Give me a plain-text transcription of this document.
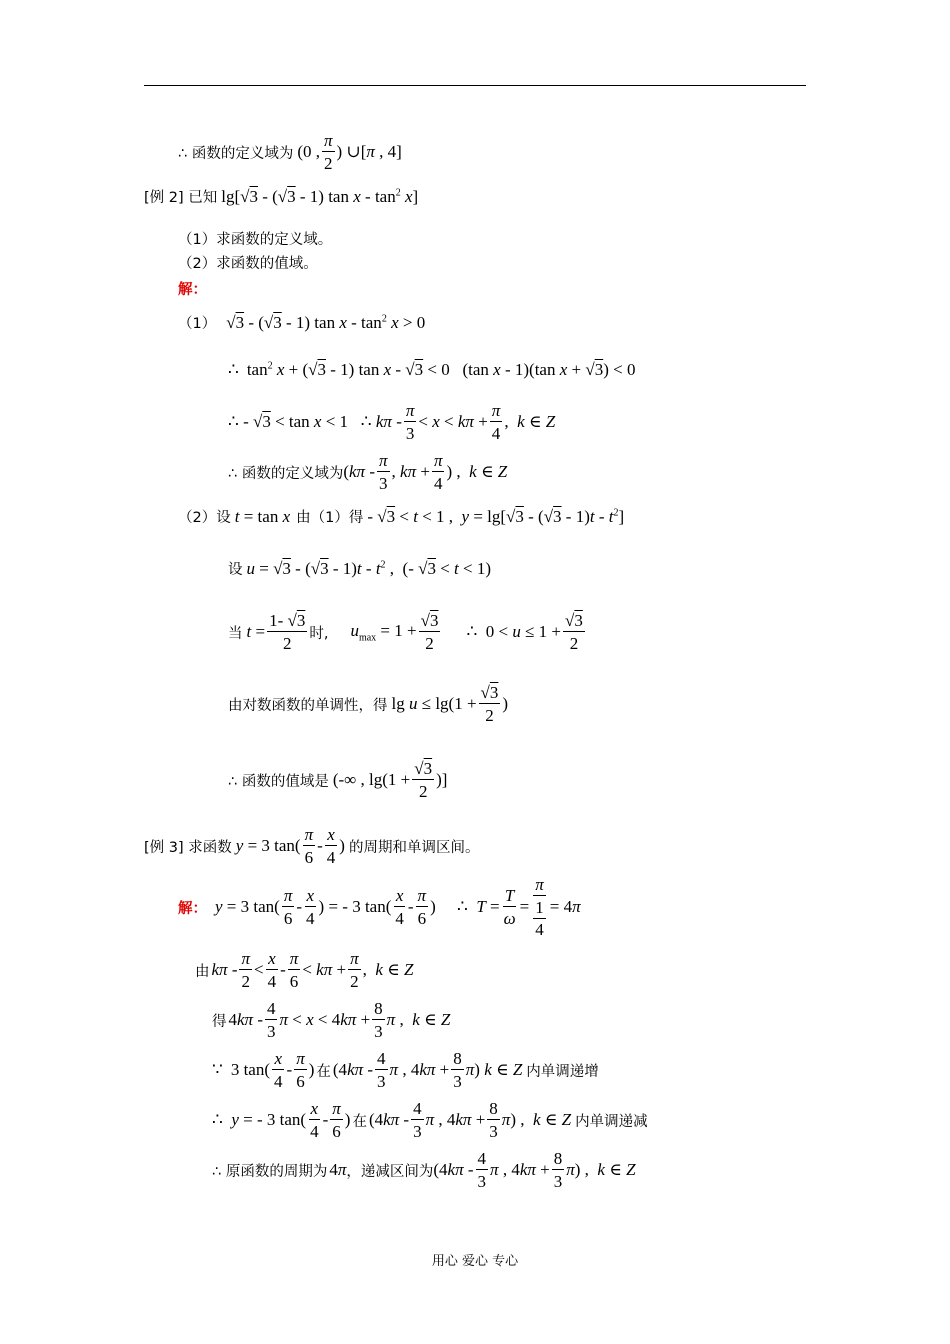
∴ 函数的定义域为 (0 , $\frac{\pi}{2}$ ) ∪[π , 4]
[例 2] 已知 lg[√3 - (√3 - 1) tan x - $\tan^2 x$]
（1）求函数的定义域。
（2）求函数的值域。
解：
（1） √3 - (√3 - 1) $\tan x - \tan^2 x > 0$
∴ $\tan^2 x + (√3 - 1)$ tan x - √3 < 0   (tan x - 1)(tan x + √3) < 0
∴ - √3 < tan x < 1   ∴ $k\pi - \frac{\pi}{3} < x < k\pi + \frac{\pi}{4}$ ,  k ∈ Z
∴ 函数的定义域为 ($k\pi - \frac{\pi}{3}$ , $k\pi + \frac{\pi}{4}$ ) ,  k ∈ Z
（2）设 t = tan x 由（1）得 - √3 < t < 1 ,  $y = \lg[√3 - (√3 - 1)t - t^2]$
设 $u = √3 - (√3 - 1)t - t^2$ ,  (- √3 < t < 1)
当 $t = \frac{1- √3}{2}$ 时, $u_{max} = 1 + \frac{√3}{2}$ ∴  $0 < u \le 1 + \frac{√3}{2}$
由对数函数的单调性，得 $\lg u \le \lg(1 + \frac{√3}{2}$ )
∴ 函数的值域是 (-∞ , $\lg(1 + \frac{√3}{2}$ )]
[例 3] 求函数 y = 3 $\tan( \frac{\pi}{6} - \frac{x}{4}$ ) 的周期和单调区间。
解： y = 3 $\tan( \frac{\pi}{6} - \frac{x}{4}$ ) = - 3 $\tan( \frac{x}{4} - \frac{\pi}{6}$ )     ∴  $T = \frac{T}{\omega} = \pi$
1
4 = 4π
由 $k\pi - \frac{\pi}{2} < \frac{x}{4} - \frac{\pi}{6} < k\pi + \frac{\pi}{2}$ ,  k ∈ Z
得 $4k\pi - \frac{4}{3}$ $\pi < x < 4k\pi + \frac{8}{3}$ π ,  k ∈ Z
∵ 3 $\tan( \frac{x}{4} - \frac{\pi}{6}$ ) 在 ($4k\pi - \frac{4}{3}$ π , $4k\pi + \frac{8}{3} \pi$) k ∈ Z 内单调递增
∴  y = - 3 $\tan( \frac{x}{4} - \frac{\pi}{6}$ ) 在 ($4k\pi - \frac{4}{3}$ π , $4k\pi + \frac{8}{3} \pi$) ,  k ∈ Z 内单调递减
∴ 原函数的周期为 4π ，递减区间为 ($4k\pi - \frac{4}{3}$ π , $4k\pi + \frac{8}{3} \pi$) ,  k ∈ Z
用心 爱心 专心
